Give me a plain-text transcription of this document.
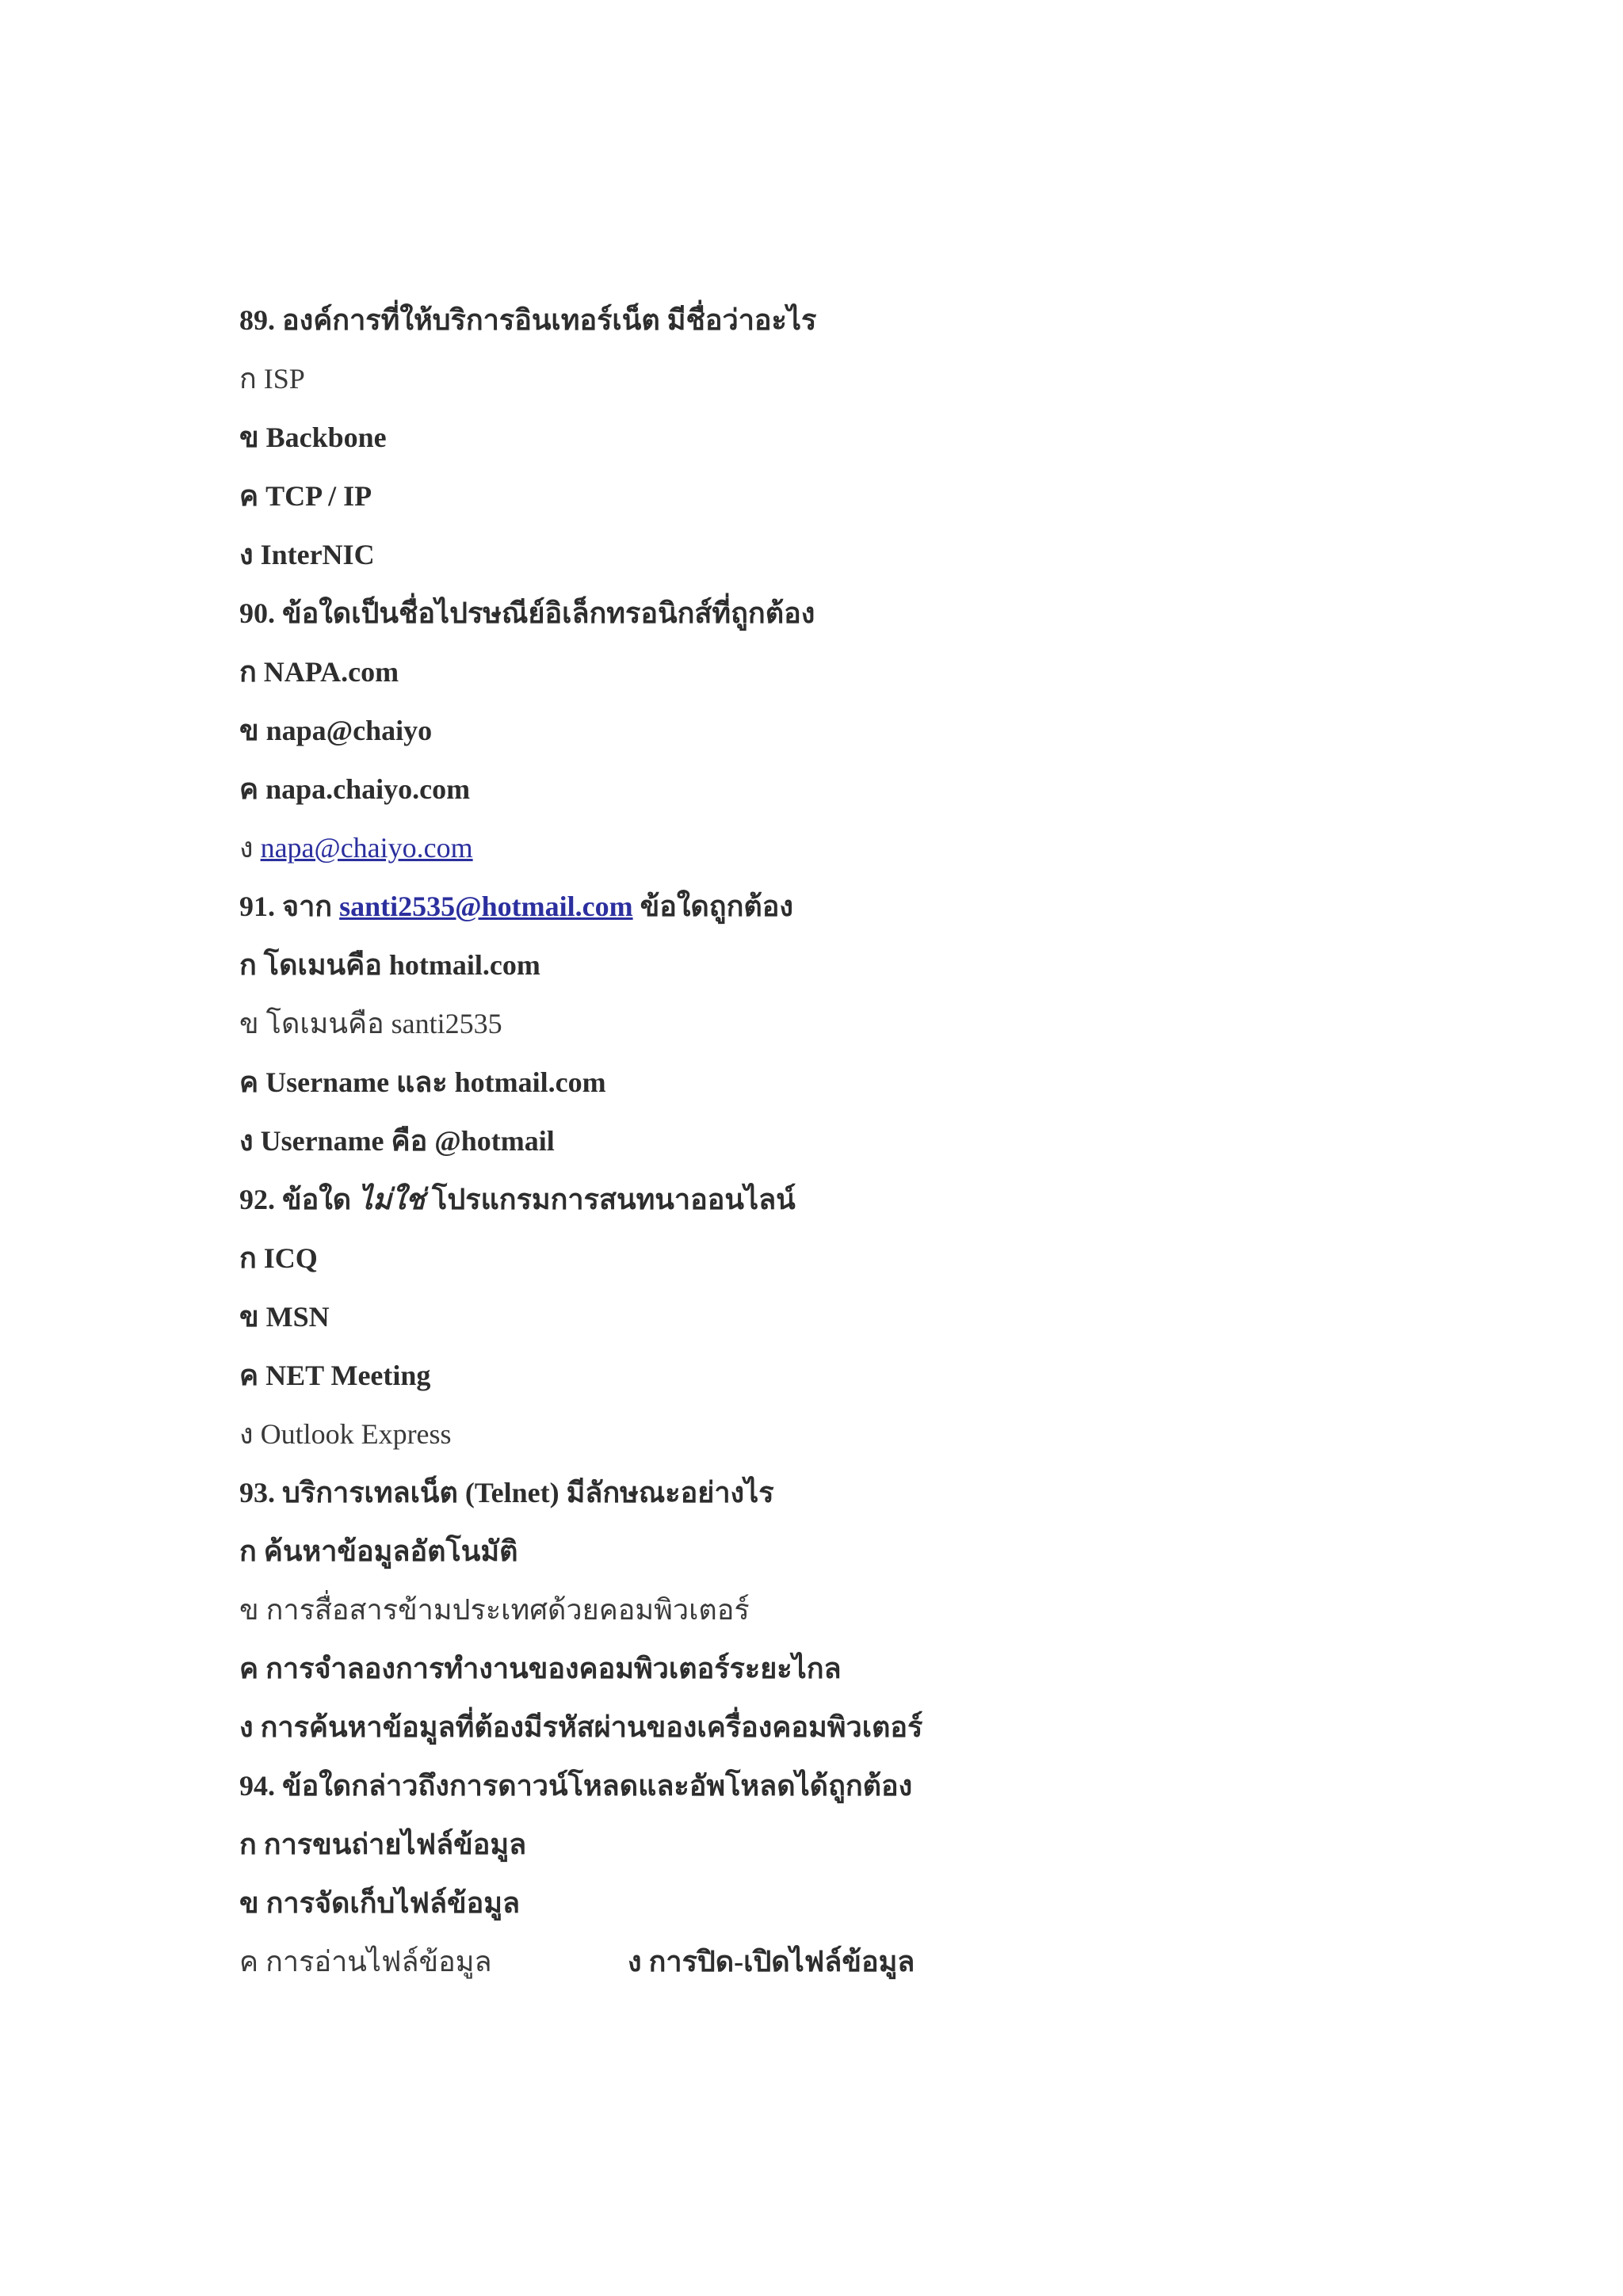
89. องค์การที่ให้บริการอินเทอร์เน็ต มีชื่อว่าอะไร
ก ISP
ข Backbone
ค TCP / IP
ง InterNIC
90. ข้อใดเป็นชื่อไปรษณีย์อิเล็กทรอนิกส์ที่ถูกต้อง
ก NAPA.com
ข napa@chaiyo
ค napa.chaiyo.com
ง napa@chaiyo.com
91. จาก santi2535@hotmail.com ข้อใดถูกต้อง
ก โดเมนคือ hotmail.com
ข โดเมนคือ santi2535
ค Username และ hotmail.com
ง Username คือ @hotmail
92. ข้อใด ไม่ใช่ โปรแกรมการสนทนาออนไลน์
ก ICQ
ข MSN
ค NET Meeting
ง Outlook Express
93. บริการเทลเน็ต (Telnet) มีลักษณะอย่างไร
ก ค้นหาข้อมูลอัตโนมัติ
ข การสื่อสารข้ามประเทศด้วยคอมพิวเตอร์
ค การจำลองการทำงานของคอมพิวเตอร์ระยะไกล
ง การค้นหาข้อมูลที่ต้องมีรหัสผ่านของเครื่องคอมพิวเตอร์
94. ข้อใดกล่าวถึงการดาวน์โหลดและอัพโหลดได้ถูกต้อง
ก การขนถ่ายไฟล์ข้อมูล
ข การจัดเก็บไฟล์ข้อมูล
ค การอ่านไฟล์ข้อมูล	ง การปิด-เปิดไฟล์ข้อมูล
